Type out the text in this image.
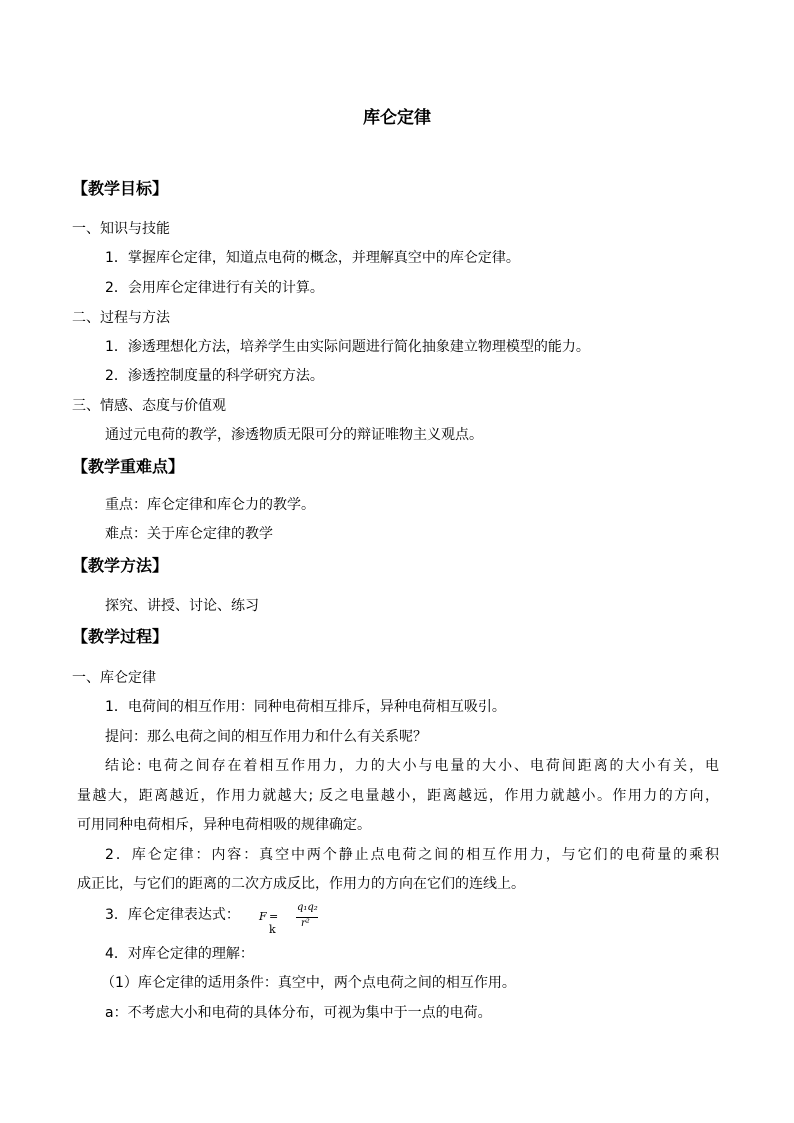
库仑定律
【教学目标】
一、知识与技能
1．掌握库仑定律，知道点电荷的概念，并理解真空中的库仑定律。
2．会用库仑定律进行有关的计算。
二、过程与方法
1．渗透理想化方法，培养学生由实际问题进行简化抽象建立物理模型的能力。
2．渗透控制度量的科学研究方法。
三、情感、态度与价值观
通过元电荷的教学，渗透物质无限可分的辩证唯物主义观点。
【教学重难点】
重点：库仑定律和库仑力的教学。
难点：关于库仑定律的教学
【教学方法】
探究、讲授、讨论、练习
【教学过程】
一、库仑定律
1．电荷间的相互作用：同种电荷相互排斥，异种电荷相互吸引。
提问：那么电荷之间的相互作用力和什么有关系呢？
结论: 电荷之间存在着相互作用力，力的大小与电量的大小、电荷间距离的大小有关，电
量越大，距离越近，作用力就越大; 反之电量越小，距离越远，作用力就越小。作用力的方向，
可用同种电荷相斥，异种电荷相吸的规律确定。
2．库仑定律：内容：真空中两个静止点电荷之间的相互作用力，与它们的电荷量的乘积
成正比，与它们的距离的二次方成反比，作用力的方向在它们的连线上。
3．库仑定律表达式： F = k
q₁q₂
r²
4．对库仑定律的理解：
（1）库仑定律的适用条件：真空中，两个点电荷之间的相互作用。
a：不考虑大小和电荷的具体分布，可视为集中于一点的电荷。
